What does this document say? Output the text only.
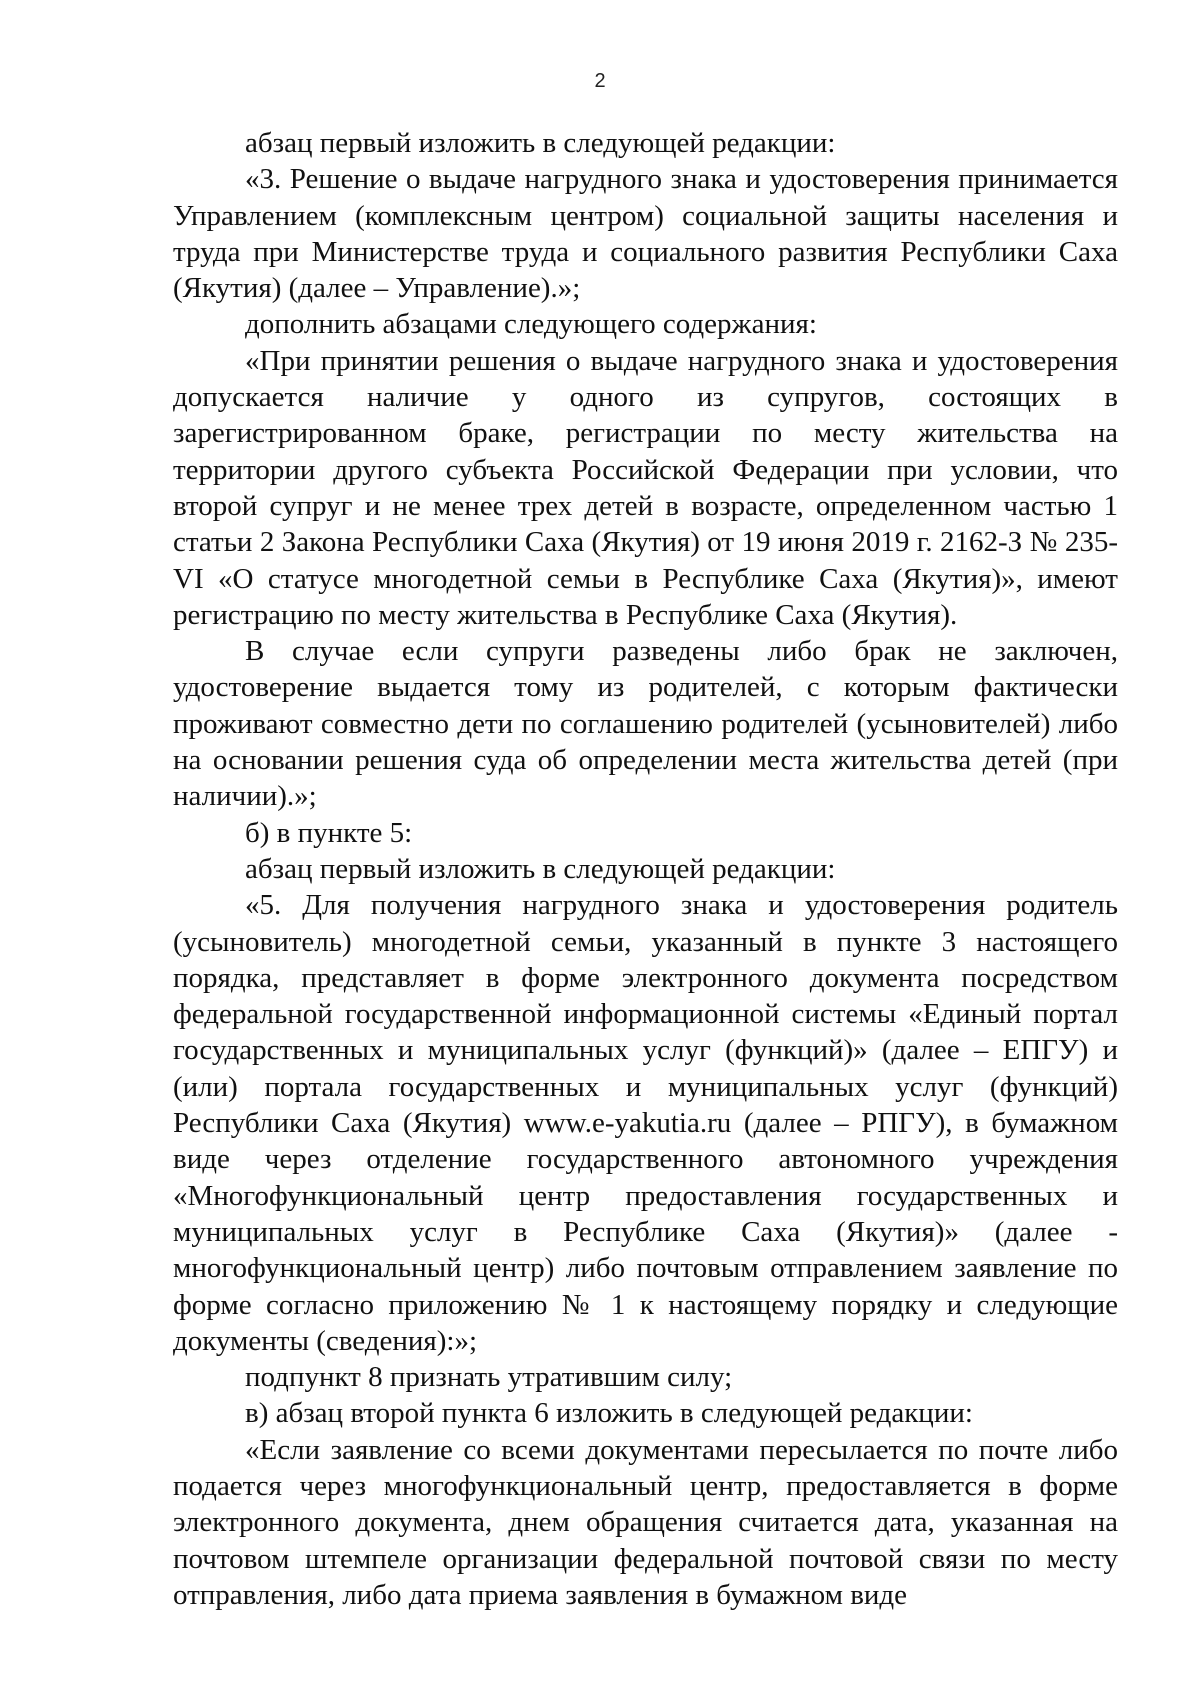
2

абзац первый изложить в следующей редакции:

«3. Решение о выдаче нагрудного знака и удостоверения принимается Управлением (комплексным центром) социальной защиты населения и труда при Министерстве труда и социального развития Республики Саха (Якутия) (далее – Управление).»;

дополнить абзацами следующего содержания:

«При принятии решения о выдаче нагрудного знака и удостоверения допускается наличие у одного из супругов, состоящих в зарегистрированном браке, регистрации по месту жительства на территории другого субъекта Российской Федерации при условии, что второй супруг и не менее трех детей в возрасте, определенном частью 1 статьи 2 Закона Республики Саха (Якутия) от 19 июня 2019 г. 2162-З № 235-VI «О статусе многодетной семьи в Республике Саха (Якутия)», имеют регистрацию по месту жительства в Республике Саха (Якутия).

В случае если супруги разведены либо брак не заключен, удостоверение выдается тому из родителей, с которым фактически проживают совместно дети по соглашению родителей (усыновителей) либо на основании решения суда об определении места жительства детей (при наличии).»;

б) в пункте 5:

абзац первый изложить в следующей редакции:

«5. Для получения нагрудного знака и удостоверения родитель (усыновитель) многодетной семьи, указанный в пункте 3 настоящего порядка, представляет в форме электронного документа посредством федеральной государственной информационной системы «Единый портал государственных и муниципальных услуг (функций)» (далее – ЕПГУ) и (или) портала государственных и муниципальных услуг (функций) Республики Саха (Якутия) www.e-yakutia.ru (далее – РПГУ), в бумажном виде через отделение государственного автономного учреждения «Многофункциональный центр предоставления государственных и муниципальных услуг в Республике Саха (Якутия)» (далее - многофункциональный центр) либо почтовым отправлением заявление по форме согласно приложению № 1 к настоящему порядку и следующие документы (сведения):»;

подпункт 8 признать утратившим силу;

в) абзац второй пункта 6 изложить в следующей редакции:

«Если заявление со всеми документами пересылается по почте либо подается через многофункциональный центр, предоставляется в форме электронного документа, днем обращения считается дата, указанная на почтовом штемпеле организации федеральной почтовой связи по месту отправления, либо дата приема заявления в бумажном виде
